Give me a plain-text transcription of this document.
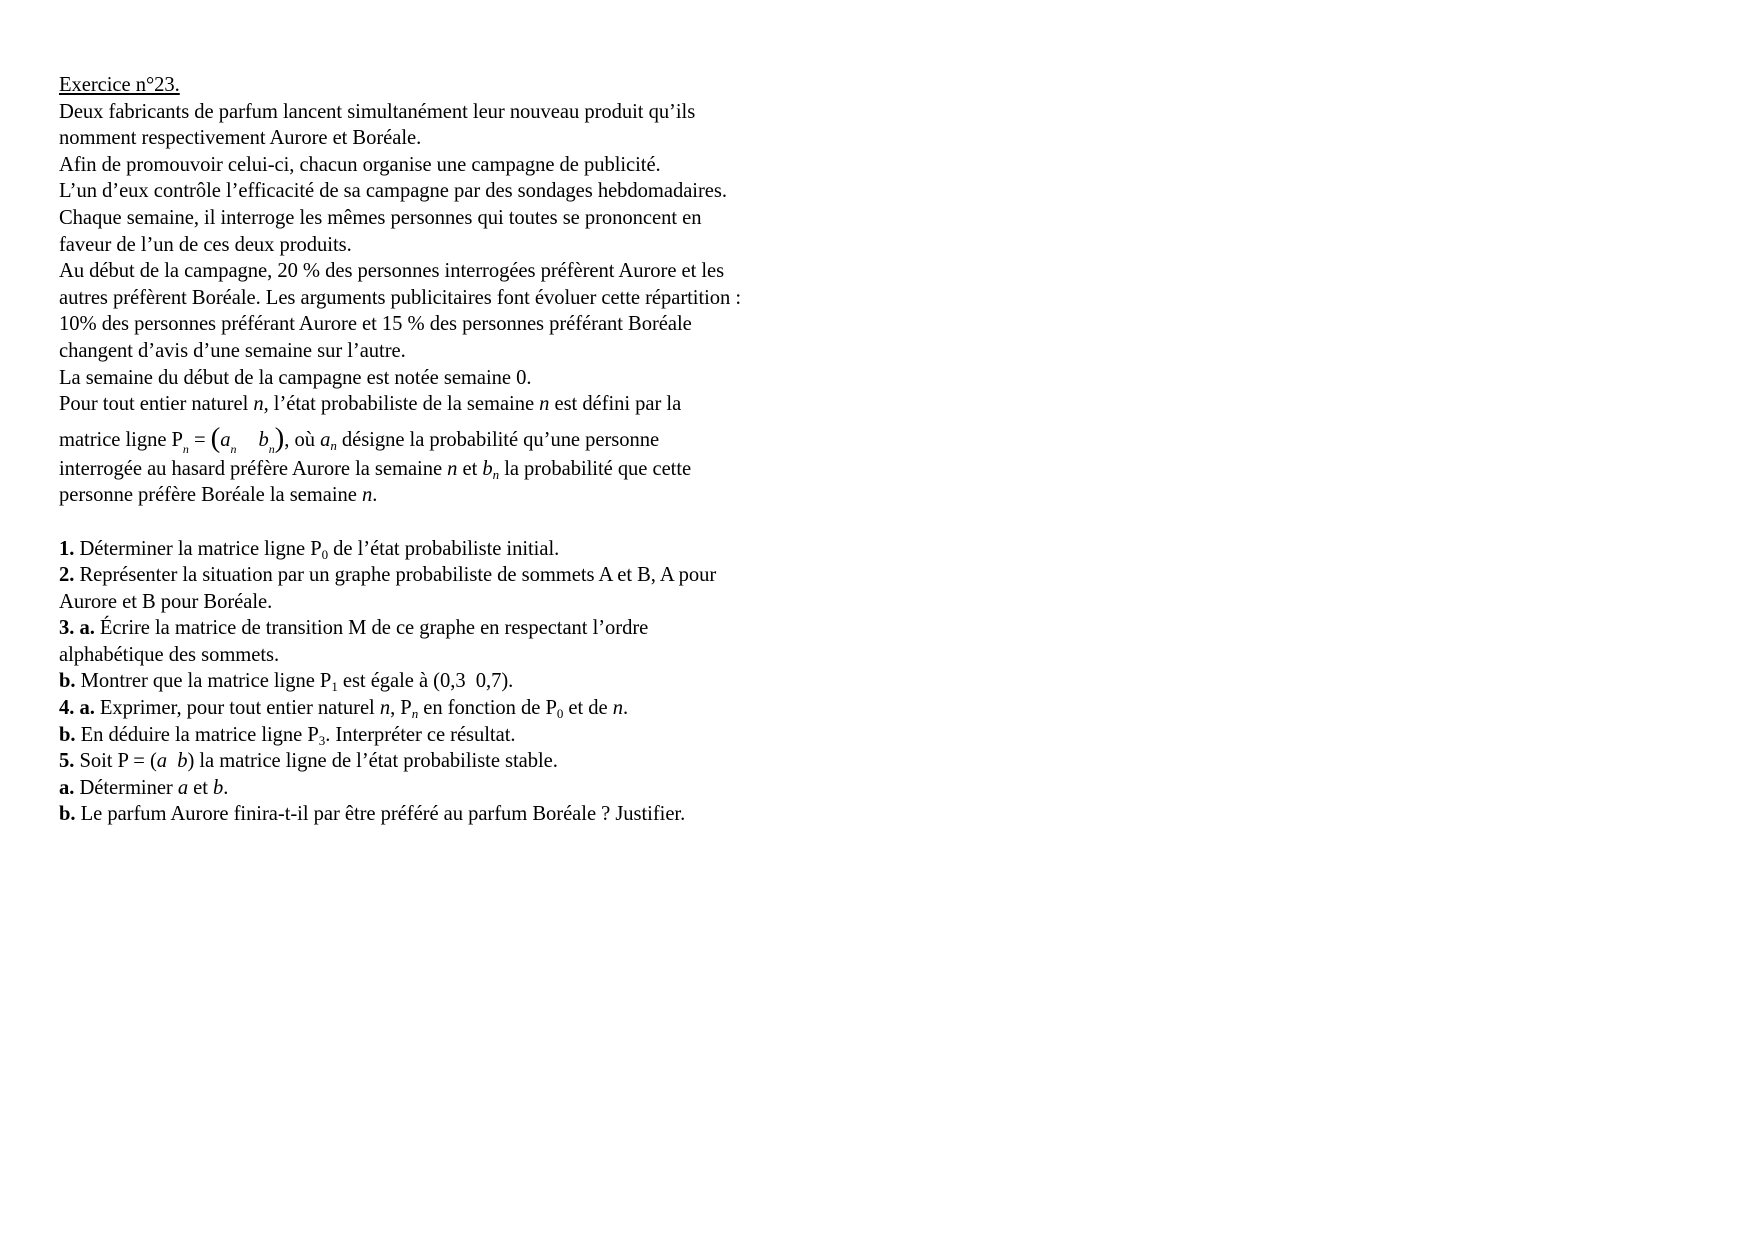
Exercice n°23.
Deux fabricants de parfum lancent simultanément leur nouveau produit qu’ils
nomment respectivement Aurore et Boréale.
Afin de promouvoir celui-ci, chacun organise une campagne de publicité.
L’un d’eux contrôle l’efficacité de sa campagne par des sondages hebdomadaires.
Chaque semaine, il interroge les mêmes personnes qui toutes se prononcent en
faveur de l’un de ces deux produits.
Au début de la campagne, 20 % des personnes interrogées préfèrent Aurore et les
autres préfèrent Boréale. Les arguments publicitaires font évoluer cette répartition :
10% des personnes préférant Aurore et 15 % des personnes préférant Boréale
changent d’avis d’une semaine sur l’autre.
La semaine du début de la campagne est notée semaine 0.
Pour tout entier naturel n, l’état probabiliste de la semaine n est défini par la
matrice ligne $P_n = (a_n$ $b_n$), où $a_n$ désigne la probabilité qu’une personne
interrogée au hasard préfère Aurore la semaine n et $b_n$ la probabilité que cette
personne préfère Boréale la semaine n.
1. Déterminer la matrice ligne $P_0$ de l’état probabiliste initial.
2. Représenter la situation par un graphe probabiliste de sommets A et B, A pour
Aurore et B pour Boréale.
3. a. Écrire la matrice de transition M de ce graphe en respectant l’ordre
alphabétique des sommets.
b. Montrer que la matrice ligne $P_1$ est égale à (0,3  0,7).
4. a. Exprimer, pour tout entier naturel n, $P_n$ en fonction de $P_0$ et de n.
b. En déduire la matrice ligne $P_3$. Interpréter ce résultat.
5. Soit P = (a b) la matrice ligne de l’état probabiliste stable.
a. Déterminer a et b.
b. Le parfum Aurore finira-t-il par être préféré au parfum Boréale ? Justifier.
